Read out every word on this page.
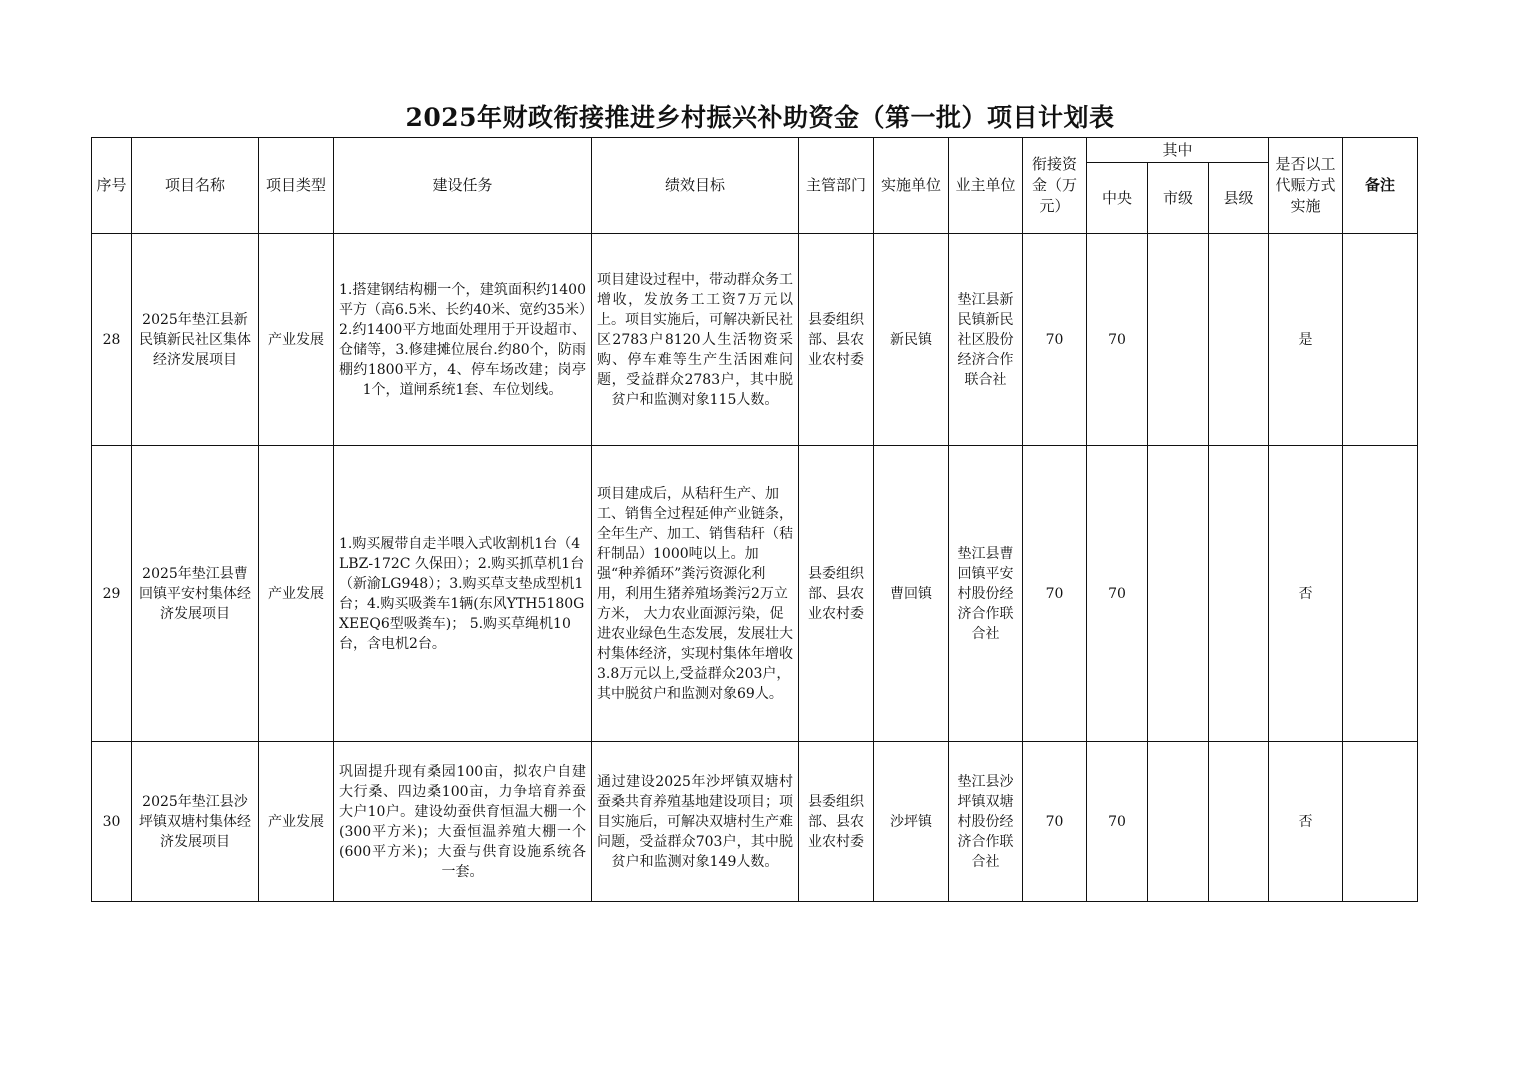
2025年财政衔接推进乡村振兴补助资金（第一批）项目计划表
序号	项目名称	项目类型	建设任务	绩效目标	主管部门	实施单位	业主单位	衔接资金（万元）	其中			是否以工代赈方式实施	备注
									中央	市级	县级		
28	2025年垫江县新民镇新民社区集体经济发展项目	产业发展	1.搭建钢结构棚一个，建筑面积约1400平方（高6.5米、长约40米、宽约35米）2.约1400平方地面处理用于开设超市、仓储等，3.修建摊位展台.约80个，防雨棚约1800平方，4、停车场改建；岗亭1个，道闸系统1套、车位划线。	项目建设过程中，带动群众务工增收，发放务工工资7万元以上。项目实施后，可解决新民社区2783户8120人生活物资采购、停车难等生产生活困难问题，受益群众2783户，其中脱贫户和监测对象115人数。	县委组织部、县农业农村委	新民镇	垫江县新民镇新民社区股份经济合作联合社	70	70			是	
29	2025年垫江县曹回镇平安村集体经济发展项目	产业发展	1.购买履带自走半喂入式收割机1台（4LBZ-172C 久保田）；2.购买抓草机1台（新渝LG948）；3.购买草支垫成型机1台；4.购买吸粪车1辆(东风YTH5180GXEEQ6型吸粪车)； 5.购买草绳机10台，含电机2台。	项目建成后，从秸秆生产、加工、销售全过程延伸产业链条，全年生产、加工、销售秸秆（秸秆制品）1000吨以上。加强“种养循环”粪污资源化利用，利用生猪养殖场粪污2万立方米， 大力农业面源污染，促进农业绿色生态发展，发展壮大村集体经济，实现村集体年增收3.8万元以上,受益群众203户，其中脱贫户和监测对象69人。	县委组织部、县农业农村委	曹回镇	垫江县曹回镇平安村股份经济合作联合社	70	70			否	
30	2025年垫江县沙坪镇双塘村集体经济发展项目	产业发展	巩固提升现有桑园100亩，拟农户自建大行桑、四边桑100亩，力争培育养蚕大户10户。建设幼蚕供育恒温大棚一个(300平方米)；大蚕恒温养殖大棚一个(600平方米)；大蚕与供育设施系统各一套。	通过建设2025年沙坪镇双塘村蚕桑共育养殖基地建设项目；项目实施后，可解决双塘村生产难问题，受益群众703户，其中脱贫户和监测对象149人数。	县委组织部、县农业农村委	沙坪镇	垫江县沙坪镇双塘村股份经济合作联合社	70	70			否	
